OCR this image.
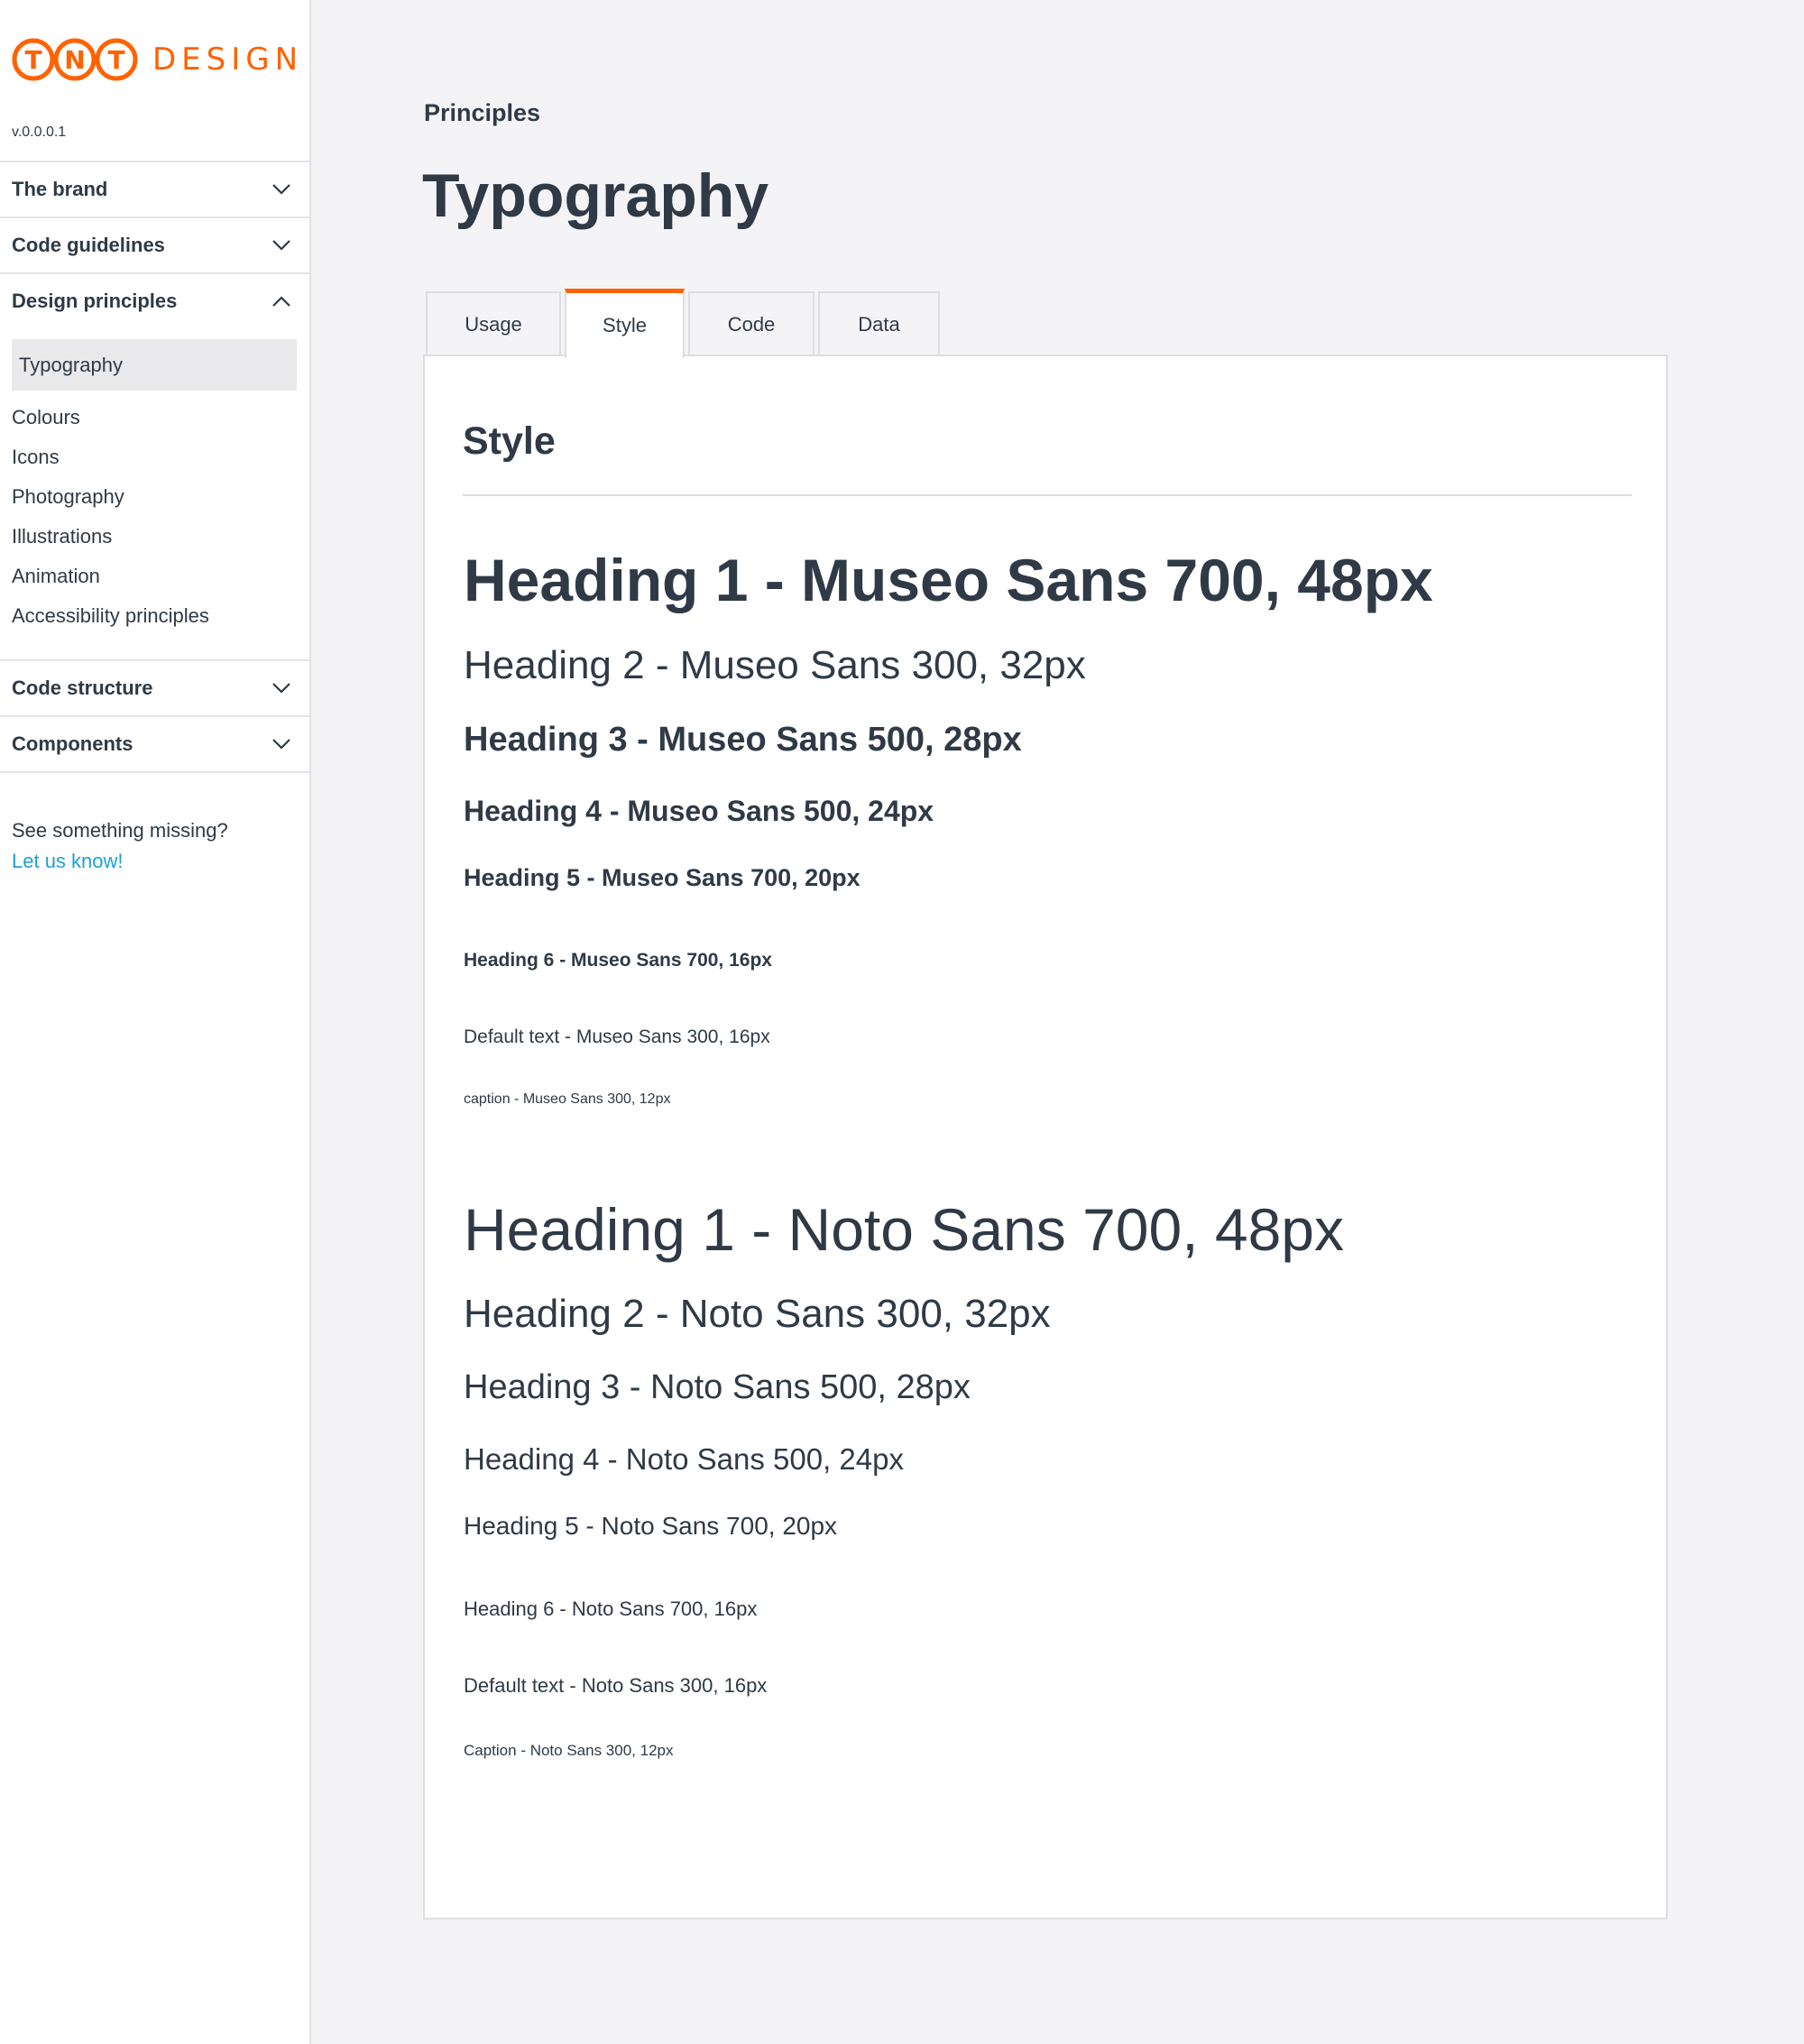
T N T DESIGN
v.0.0.0.1
The brand
Code guidelines
Design principles
Typography
Colours
Icons
Photography
Illustrations
Animation
Accessibility principles
Code structure
Components
See something missing?
Let us know!
Principles
Typography
Usage	Style	Code	Data
Style
Heading 1 - Museo Sans 700, 48px
Heading 2 - Museo Sans 300, 32px
Heading 3 - Museo Sans 500, 28px
Heading 4 - Museo Sans 500, 24px
Heading 5 - Museo Sans 700, 20px
Heading 6 - Museo Sans 700, 16px
Default text - Museo Sans 300, 16px
caption - Museo Sans 300, 12px
Heading 1 - Noto Sans 700, 48px
Heading 2 - Noto Sans 300, 32px
Heading 3 - Noto Sans 500, 28px
Heading 4 - Noto Sans 500, 24px
Heading 5 - Noto Sans 700, 20px
Heading 6 - Noto Sans 700, 16px
Default text - Noto Sans 300, 16px
Caption - Noto Sans 300, 12px
